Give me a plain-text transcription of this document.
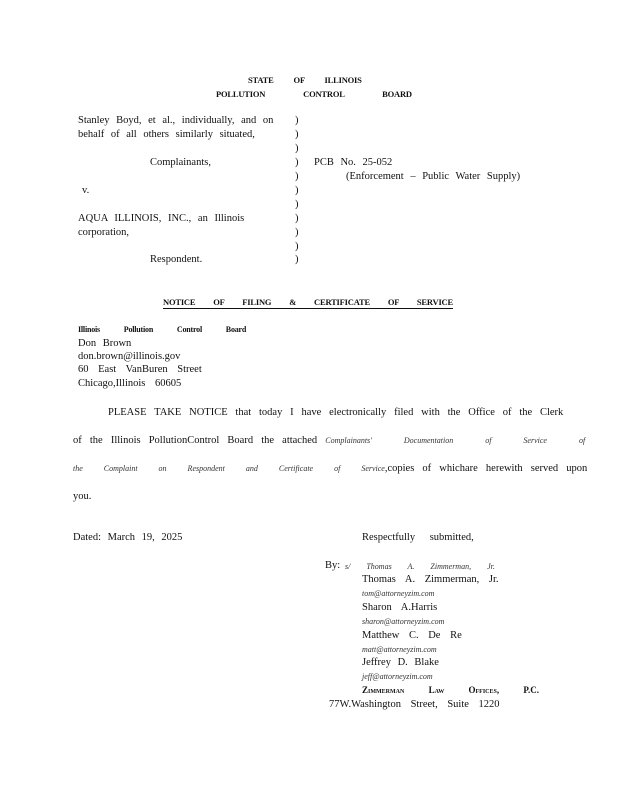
STATE OF ILLINOIS
POLLUTION CONTROL BOARD
Stanley Boyd, et al., individually, and on
behalf of all others similarly situated,
Complainants,
v.
AQUA ILLINOIS, INC., an Illinois
corporation,
Respondent.
)
)
)
)
)
)
)
)
)
)
)
PCB No. 25-052
(Enforcement – Public Water Supply)
NOTICE OF FILING & CERTIFICATE OF SERVICE
Illinois Pollution Control Board
Don Brown
don.brown@illinois.gov
60 East VanBuren Street
Chicago,Illinois 60605
PLEASE TAKE NOTICE that today I have electronically filed with the Office of the Clerk
of the Illinois PollutionControl Board the attached Complainants' Documentation of Service of
the Complaint on Respondent and Certificate of Service,copies of whichare herewith served upon
you.
Dated: March 19, 2025	Respectfully submitted,
By: s/ Thomas A. Zimmerman, Jr.
Thomas A. Zimmerman, Jr.
tom@attorneyzim.com
Sharon A.Harris
sharon@attorneyzim.com
Matthew C. De Re
matt@attorneyzim.com
Jeffrey D. Blake
jeff@attorneyzim.com
Zimmerman Law Offices, P.C.
77W.Washington Street, Suite 1220
